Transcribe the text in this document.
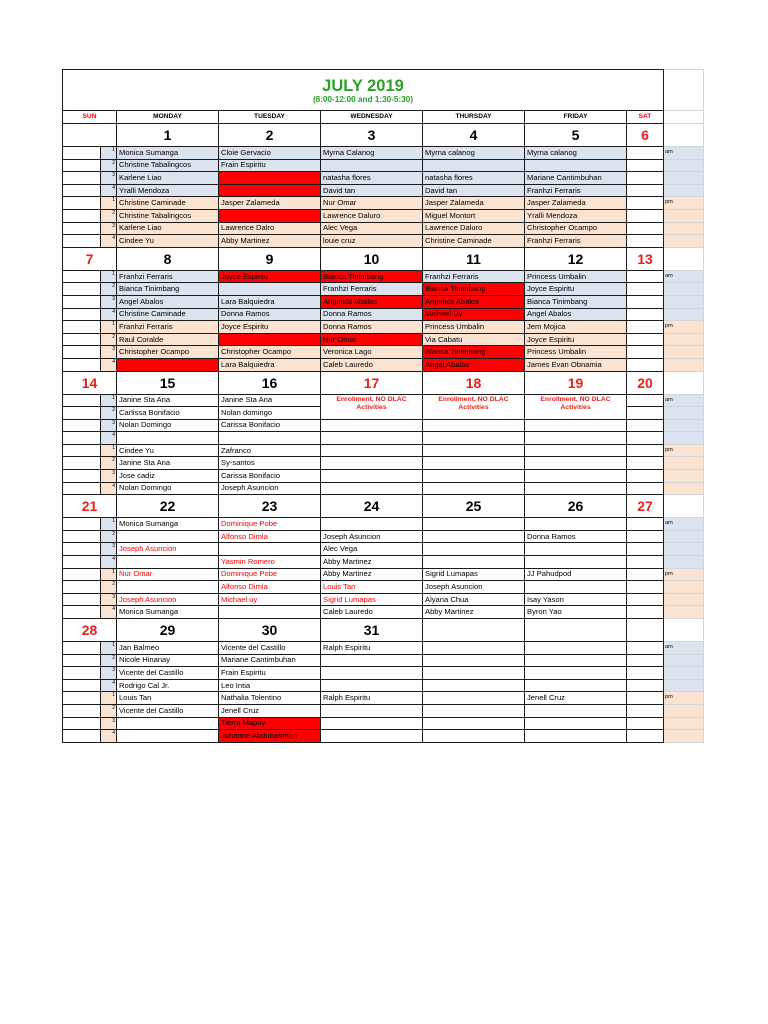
JULY 2019
(8:00-12:00 and 1:30-5:30)								

SUN		MONDAY	TUESDAY	WEDNESDAY	THURSDAY	FRIDAY	SAT	
		1	2	3	4	5	6	
	1	Monica Sumanga	Cloie Gervacio	Myrna Calanog	Myrna calanog	Myrna calanog		am
	2	Christine Tabalingcos	Frain Espiritu					
	3	Karlene Liao		natasha flores	natasha flores	Mariane Cantimbuhan		
	4	Yralli Mendoza		David tan	David tan	Franhzi Ferraris		
	1	Christine Caminade	Jasper Zalameda	Nur Omar	Jasper Zalameda	Jasper Zalameda		pm
	2	Christine Tabalingcos		Lawrence Daluro	Miguel Montort	Yralli Mendoza		
	3	Karlene Liao	Lawrence Dalro	Alec Vega	Lawrence Daluro	Christopher Ocampo		
	4	Cindee Yu	Abby Martinez	louie cruz	Christine Caminade	Franhzi Ferraris		
7		8	9	10	11	12	13	
	1	Franhzi Ferraris	Joyce Espiritu	Bianca Tinimbang	Franhzi Ferraris	Princess Umbalin		am
	2	Bianca Tinimbang		Franhzi Ferraris	Bianca Tinimbang	Joyce Espiritu		
	3	Angel Abalos	Lara Balquiedra	Angelica Abalos	Angelica Abalos	Bianca Tinimbang		
	4	Christine Caminade	Donna Ramos	Donna Ramos	Michael Uy	Angel Abalos		
	1	Franhzi Ferraris	Joyce Espiritu	Donna Ramos	Princess Umbalin	Jem Mojica		pm
	2	Raul Coralde		Nur Omar	Via Cabatu	Joyce Espiritu		
	3	Christopher Ocampo	Christopher Ocampo	Veronica Lago	Bianca Tinimbang	Princess Umbalin		
	4		Lara Balquiedra	Caleb Lauredo	Angel Abalos	James Evan Obnamia		
14		15	16	17	18	19	20	
	1	Janine Sta Ana	Janine Sta Ana	Enrollment, NO DLAC Activities	Enrollment, NO DLAC Activities	Enrollment, NO DLAC Activities		am
	2	Carlissa Bonifacio	Nolan domingo					
	3	Nolan Domingo	Carissa Bonifacio					
	4							
	1	Cindee Yu	Zafranco					pm
	2	Janine Sta Ana	Sy-santos					
	3	Jose cadiz	Carissa Bonifacio					
	4	Nolan Domingo	Joseph Asuncion					
21		22	23	24	25	26	27	
	1	Monica Sumanga	Dominique Pobe					am
	2		Alfonso Dimla	Joseph Asuncion		Donna Ramos		
	3	Joseph Asuncion		Alec Vega				
	4		Yasmin Romero	Abby Martinez				
	1	Nur Omar	Dominique Pobe	Abby Martinez	Sigrid Lumapas	JJ Pahudpod		pm
	2		Alfonso Dimla	Louis Tan	Joseph Asuncion			
	3	Joseph Asuncion	Michael uy	Sigrid Lumapas	Alyana Chua	Isay Yason		
	4	Monica Sumanga		Caleb Lauredo	Abby Martinez	Byron Yao		
28		29	30	31				
	1	Jan Balmeo	Vicente del Castillo	Ralph Espiritu				am
	2	Nicole Hinanay	Mariane Cantimbuhan					
	3	Vicente del Castillo	Frain Espiritu					
	4	Rodrigo Cal Jr.	Leo Intia					
	1	Louis Tan	Nathalia Tolentino	Ralph Espiritu		Jenell Cruz		pm
	2	Vicente del Castillo	Jenell Cruz					
	3		Tierra Mapoy					
	4		Johanne Abdulrahman					
